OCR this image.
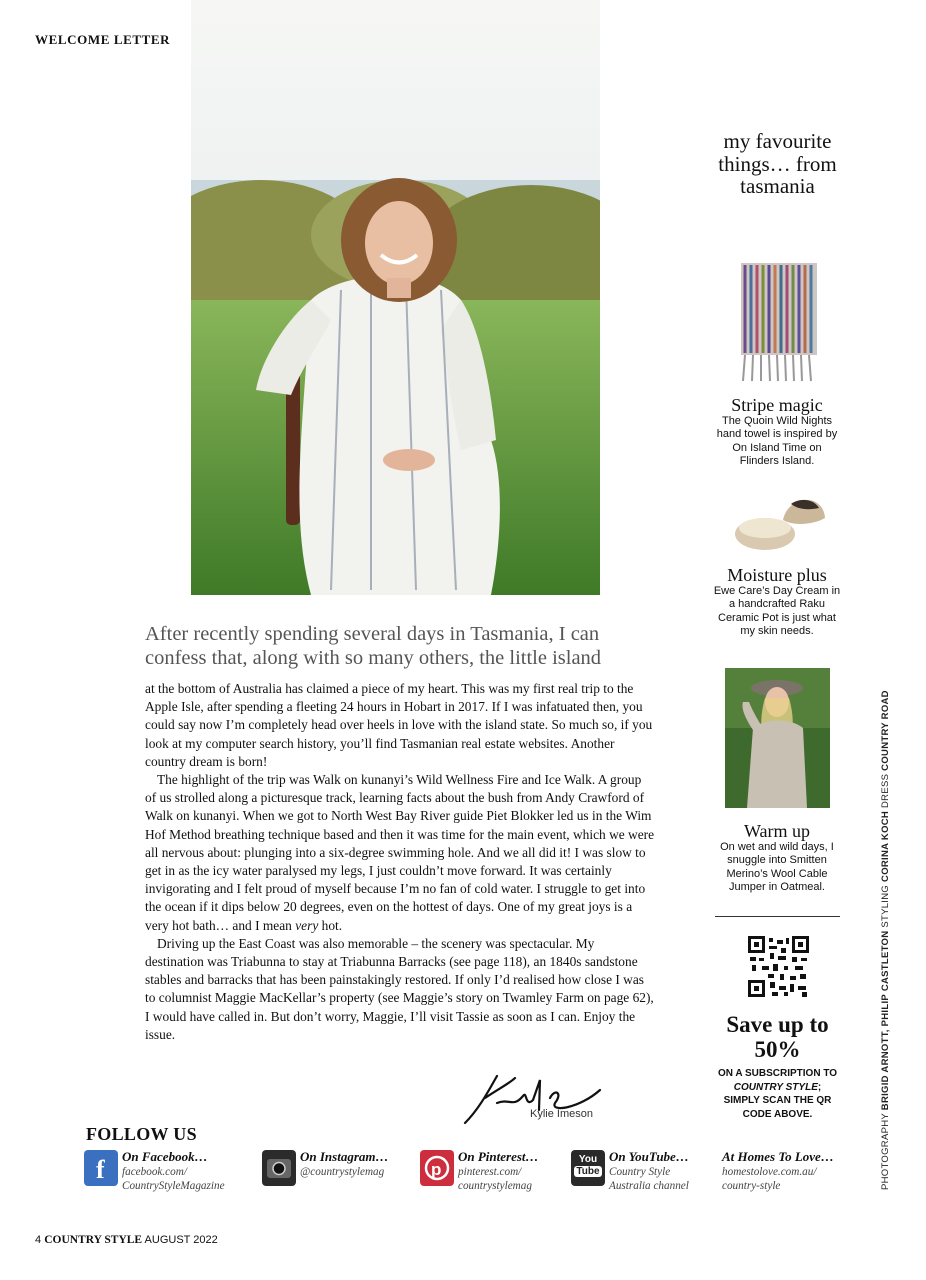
WELCOME LETTER
After recently spending several days in Tasmania, I can confess that, along with so many others, the little island

at the bottom of Australia has claimed a piece of my heart. This was my first real trip to the Apple Isle, after spending a fleeting 24 hours in Hobart in 2017. If I was infatuated then, you could say now I’m completely head over heels in love with the island state. So much so, if you look at my computer search history, you’ll find Tasmanian real estate websites. Another country dream is born!

The highlight of the trip was Walk on kunanyi’s Wild Wellness Fire and Ice Walk. A group of us strolled along a picturesque track, learning facts about the bush from Andy Crawford of Walk on kunanyi. When we got to North West Bay River guide Piet Blokker led us in the Wim Hof Method breathing technique based and then it was time for the main event, which we were all nervous about: plunging into a six-degree swimming hole. And we all did it! I was slow to get in as the icy water paralysed my legs, I just couldn’t move forward. It was certainly invigorating and I felt proud of myself because I’m no fan of cold water. I struggle to get into the ocean if it dips below 20 degrees, even on the hottest of days. One of my great joys is a very hot bath… and I mean very hot.

Driving up the East Coast was also memorable – the scenery was spectacular. My destination was Triabunna to stay at Triabunna Barracks (see page 118), an 1840s sandstone stables and barracks that has been painstakingly restored. If only I’d realised how close I was to columnist Maggie MacKellar’s property (see Maggie’s story on Twamley Farm on page 62), I would have called in. But don’t worry, Maggie, I’ll visit Tassie as soon as I can. Enjoy the issue.

Kylie Imeson
FOLLOW US
f On Facebook…
facebook.com/
CountryStyleMagazine
On Instagram…
@countrystylemag	p
On Pinterest…
pinterest.com/
countrystylemag
You
Tube
On YouTube…
Country Style
Australia channel
At Homes To Love…
homestolove.com.au/
country-style
4 COUNTRY STYLE AUGUST 2022
my favourite things… from tasmania
Stripe magic
The Quoin Wild Nights hand towel is inspired by On Island Time on Flinders Island.
Moisture plus
Ewe Care’s Day Cream in a handcrafted Raku Ceramic Pot is just what my skin needs.
Warm up
On wet and wild days, I snuggle into Smitten Merino’s Wool Cable Jumper in Oatmeal.
Save up to 50%
ON A SUBSCRIPTION TO COUNTRY STYLE; SIMPLY SCAN THE QR CODE ABOVE.	PHOTOGRAPHY BRIGID ARNOTT, PHILIP CASTLETON STYLING CORINA KOCH DRESS COUNTRY ROAD
